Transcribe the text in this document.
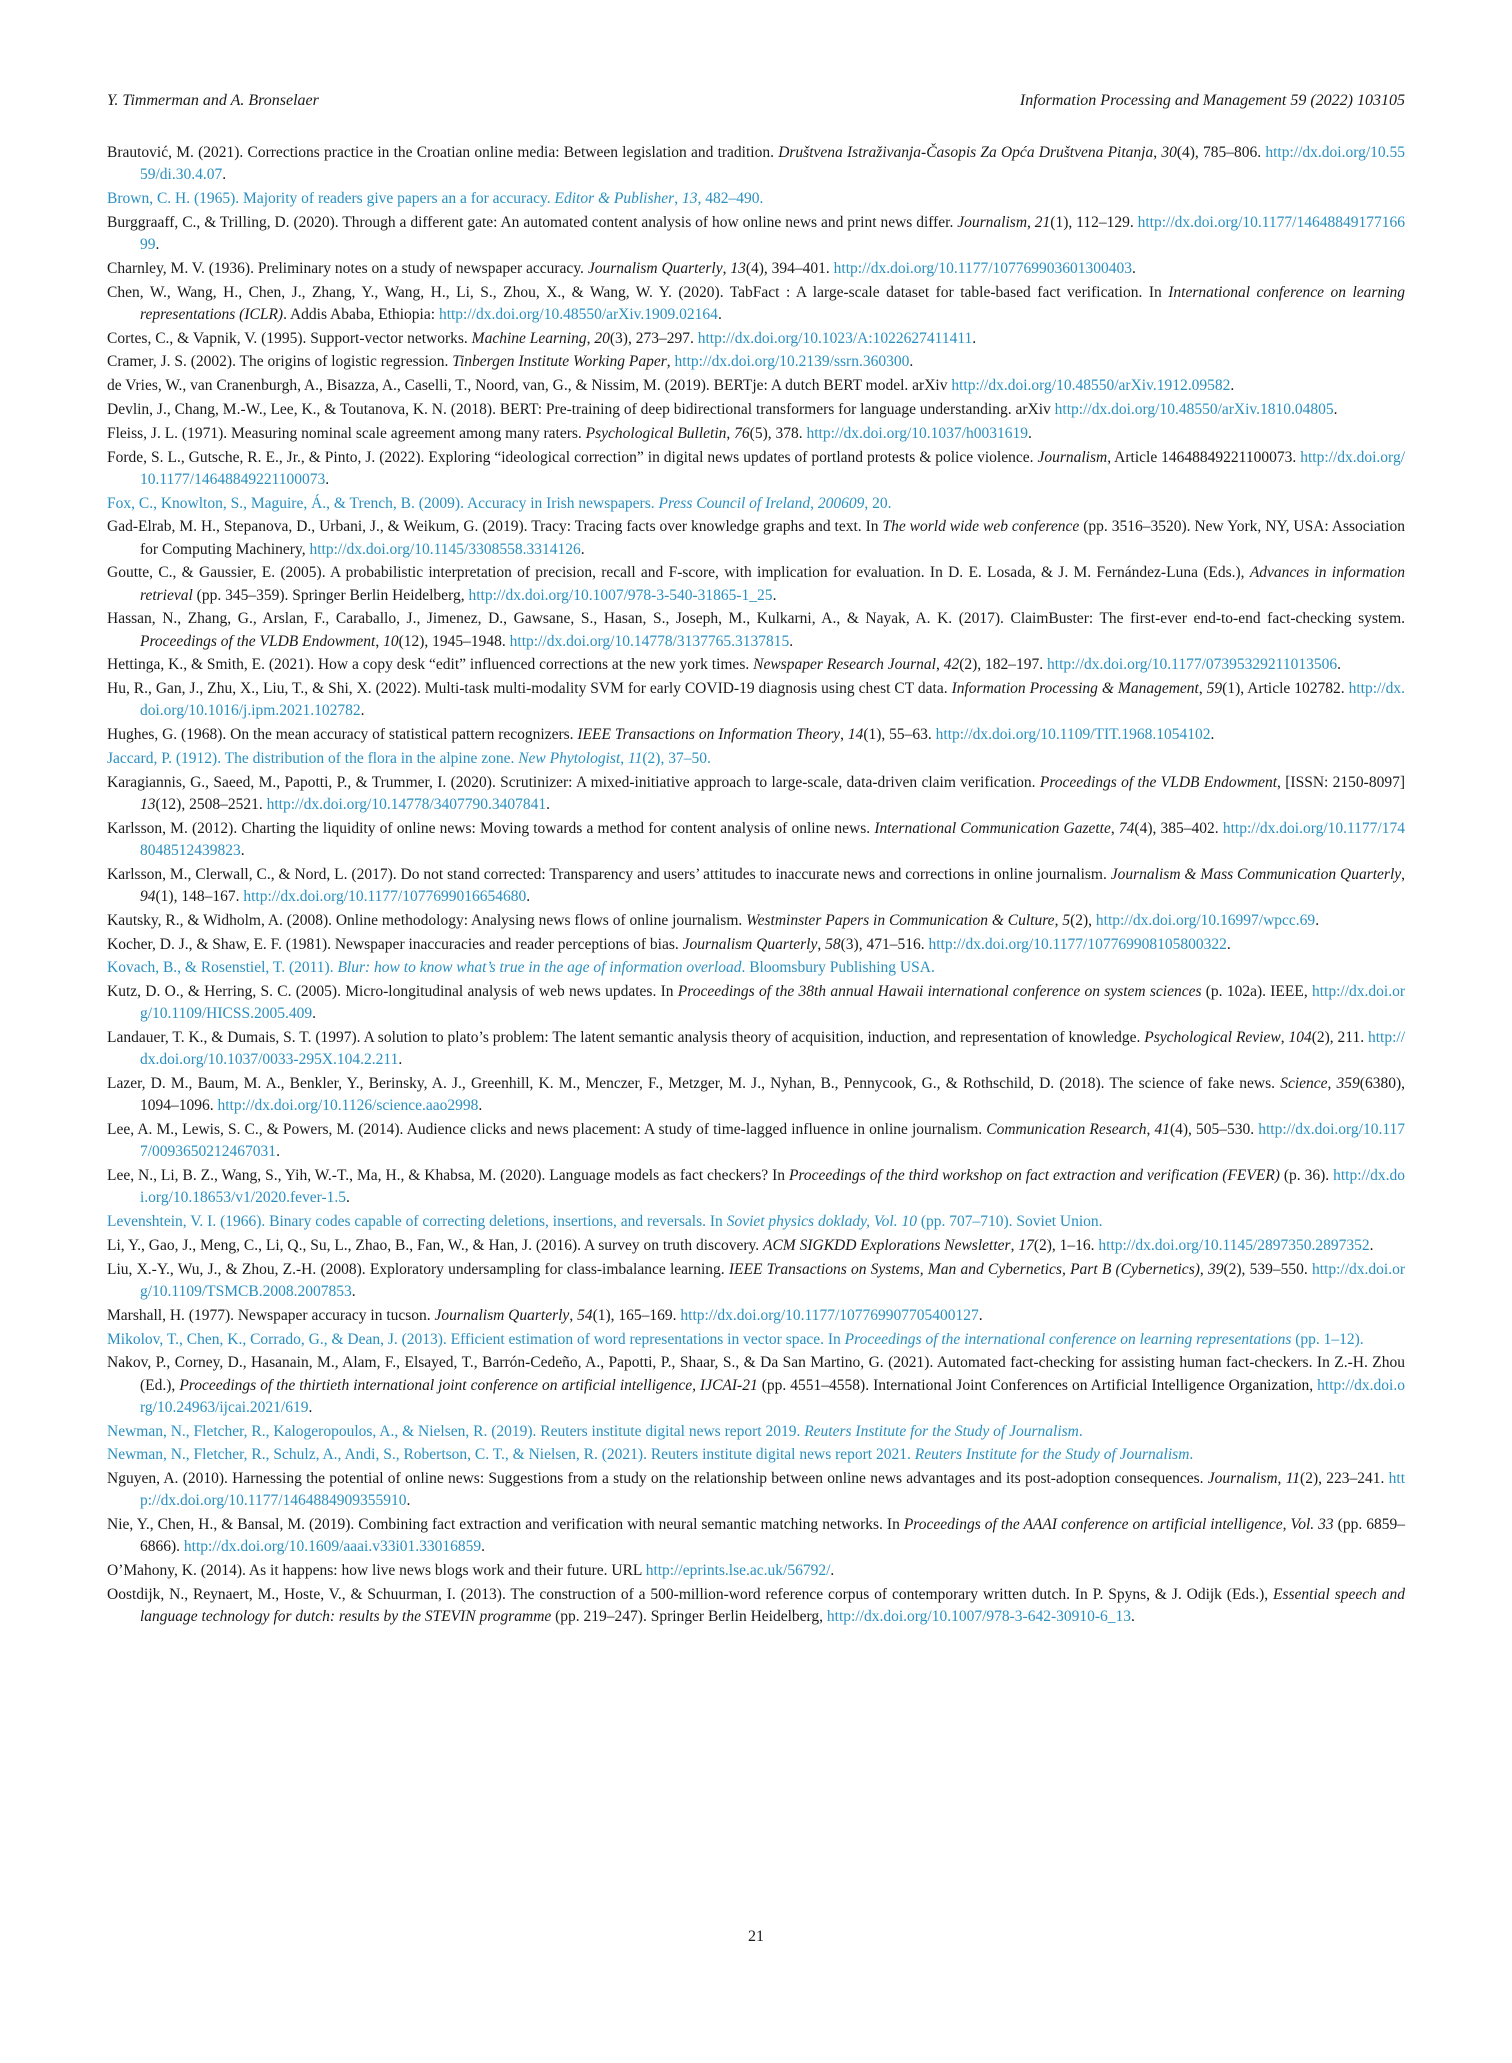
Y. Timmerman and A. Bronselaer	Information Processing and Management 59 (2022) 103105

Brautović, M. (2021). Corrections practice in the Croatian online media: Between legislation and tradition. Društvena Istraživanja-Časopis Za Opća Društvena Pitanja, 30(4), 785–806. http://dx.doi.org/10.5559/di.30.4.07.

Brown, C. H. (1965). Majority of readers give papers an a for accuracy. Editor & Publisher, 13, 482–490.

Burggraaff, C., & Trilling, D. (2020). Through a different gate: An automated content analysis of how online news and print news differ. Journalism, 21(1), 112–129. http://dx.doi.org/10.1177/1464884917716699.

Charnley, M. V. (1936). Preliminary notes on a study of newspaper accuracy. Journalism Quarterly, 13(4), 394–401. http://dx.doi.org/10.1177/107769903601300403.

Chen, W., Wang, H., Chen, J., Zhang, Y., Wang, H., Li, S., Zhou, X., & Wang, W. Y. (2020). TabFact : A large-scale dataset for table-based fact verification. In International conference on learning representations (ICLR). Addis Ababa, Ethiopia: http://dx.doi.org/10.48550/arXiv.1909.02164.

Cortes, C., & Vapnik, V. (1995). Support-vector networks. Machine Learning, 20(3), 273–297. http://dx.doi.org/10.1023/A:1022627411411.

Cramer, J. S. (2002). The origins of logistic regression. Tinbergen Institute Working Paper, http://dx.doi.org/10.2139/ssrn.360300.

de Vries, W., van Cranenburgh, A., Bisazza, A., Caselli, T., Noord, van, G., & Nissim, M. (2019). BERTje: A dutch BERT model. arXiv http://dx.doi.org/10.48550/arXiv.1912.09582.

Devlin, J., Chang, M.-W., Lee, K., & Toutanova, K. N. (2018). BERT: Pre-training of deep bidirectional transformers for language understanding. arXiv http://dx.doi.org/10.48550/arXiv.1810.04805.

Fleiss, J. L. (1971). Measuring nominal scale agreement among many raters. Psychological Bulletin, 76(5), 378. http://dx.doi.org/10.1037/h0031619.

Forde, S. L., Gutsche, R. E., Jr., & Pinto, J. (2022). Exploring “ideological correction” in digital news updates of portland protests & police violence. Journalism, Article 14648849221100073. http://dx.doi.org/10.1177/14648849221100073.

Fox, C., Knowlton, S., Maguire, Á., & Trench, B. (2009). Accuracy in Irish newspapers. Press Council of Ireland, 200609, 20.

Gad-Elrab, M. H., Stepanova, D., Urbani, J., & Weikum, G. (2019). Tracy: Tracing facts over knowledge graphs and text. In The world wide web conference (pp. 3516–3520). New York, NY, USA: Association for Computing Machinery, http://dx.doi.org/10.1145/3308558.3314126.

Goutte, C., & Gaussier, E. (2005). A probabilistic interpretation of precision, recall and F-score, with implication for evaluation. In D. E. Losada, & J. M. Fernández-Luna (Eds.), Advances in information retrieval (pp. 345–359). Springer Berlin Heidelberg, http://dx.doi.org/10.1007/978-3-540-31865-1_25.

Hassan, N., Zhang, G., Arslan, F., Caraballo, J., Jimenez, D., Gawsane, S., Hasan, S., Joseph, M., Kulkarni, A., & Nayak, A. K. (2017). ClaimBuster: The first-ever end-to-end fact-checking system. Proceedings of the VLDB Endowment, 10(12), 1945–1948. http://dx.doi.org/10.14778/3137765.3137815.

Hettinga, K., & Smith, E. (2021). How a copy desk “edit” influenced corrections at the new york times. Newspaper Research Journal, 42(2), 182–197. http://dx.doi.org/10.1177/07395329211013506.

Hu, R., Gan, J., Zhu, X., Liu, T., & Shi, X. (2022). Multi-task multi-modality SVM for early COVID-19 diagnosis using chest CT data. Information Processing & Management, 59(1), Article 102782. http://dx.doi.org/10.1016/j.ipm.2021.102782.

Hughes, G. (1968). On the mean accuracy of statistical pattern recognizers. IEEE Transactions on Information Theory, 14(1), 55–63. http://dx.doi.org/10.1109/TIT.1968.1054102.

Jaccard, P. (1912). The distribution of the flora in the alpine zone. New Phytologist, 11(2), 37–50.

Karagiannis, G., Saeed, M., Papotti, P., & Trummer, I. (2020). Scrutinizer: A mixed-initiative approach to large-scale, data-driven claim verification. Proceedings of the VLDB Endowment, [ISSN: 2150-8097] 13(12), 2508–2521. http://dx.doi.org/10.14778/3407790.3407841.

Karlsson, M. (2012). Charting the liquidity of online news: Moving towards a method for content analysis of online news. International Communication Gazette, 74(4), 385–402. http://dx.doi.org/10.1177/1748048512439823.

Karlsson, M., Clerwall, C., & Nord, L. (2017). Do not stand corrected: Transparency and users’ attitudes to inaccurate news and corrections in online journalism. Journalism & Mass Communication Quarterly, 94(1), 148–167. http://dx.doi.org/10.1177/1077699016654680.

Kautsky, R., & Widholm, A. (2008). Online methodology: Analysing news flows of online journalism. Westminster Papers in Communication & Culture, 5(2), http://dx.doi.org/10.16997/wpcc.69.

Kocher, D. J., & Shaw, E. F. (1981). Newspaper inaccuracies and reader perceptions of bias. Journalism Quarterly, 58(3), 471–516. http://dx.doi.org/10.1177/107769908105800322.

Kovach, B., & Rosenstiel, T. (2011). Blur: how to know what’s true in the age of information overload. Bloomsbury Publishing USA.

Kutz, D. O., & Herring, S. C. (2005). Micro-longitudinal analysis of web news updates. In Proceedings of the 38th annual Hawaii international conference on system sciences (p. 102a). IEEE, http://dx.doi.org/10.1109/HICSS.2005.409.

Landauer, T. K., & Dumais, S. T. (1997). A solution to plato’s problem: The latent semantic analysis theory of acquisition, induction, and representation of knowledge. Psychological Review, 104(2), 211. http://dx.doi.org/10.1037/0033-295X.104.2.211.

Lazer, D. M., Baum, M. A., Benkler, Y., Berinsky, A. J., Greenhill, K. M., Menczer, F., Metzger, M. J., Nyhan, B., Pennycook, G., & Rothschild, D. (2018). The science of fake news. Science, 359(6380), 1094–1096. http://dx.doi.org/10.1126/science.aao2998.

Lee, A. M., Lewis, S. C., & Powers, M. (2014). Audience clicks and news placement: A study of time-lagged influence in online journalism. Communication Research, 41(4), 505–530. http://dx.doi.org/10.1177/0093650212467031.

Lee, N., Li, B. Z., Wang, S., Yih, W.-T., Ma, H., & Khabsa, M. (2020). Language models as fact checkers? In Proceedings of the third workshop on fact extraction and verification (FEVER) (p. 36). http://dx.doi.org/10.18653/v1/2020.fever-1.5.

Levenshtein, V. I. (1966). Binary codes capable of correcting deletions, insertions, and reversals. In Soviet physics doklady, Vol. 10 (pp. 707–710). Soviet Union.

Li, Y., Gao, J., Meng, C., Li, Q., Su, L., Zhao, B., Fan, W., & Han, J. (2016). A survey on truth discovery. ACM SIGKDD Explorations Newsletter, 17(2), 1–16. http://dx.doi.org/10.1145/2897350.2897352.

Liu, X.-Y., Wu, J., & Zhou, Z.-H. (2008). Exploratory undersampling for class-imbalance learning. IEEE Transactions on Systems, Man and Cybernetics, Part B (Cybernetics), 39(2), 539–550. http://dx.doi.org/10.1109/TSMCB.2008.2007853.

Marshall, H. (1977). Newspaper accuracy in tucson. Journalism Quarterly, 54(1), 165–169. http://dx.doi.org/10.1177/107769907705400127.

Mikolov, T., Chen, K., Corrado, G., & Dean, J. (2013). Efficient estimation of word representations in vector space. In Proceedings of the international conference on learning representations (pp. 1–12).

Nakov, P., Corney, D., Hasanain, M., Alam, F., Elsayed, T., Barrón-Cedeño, A., Papotti, P., Shaar, S., & Da San Martino, G. (2021). Automated fact-checking for assisting human fact-checkers. In Z.-H. Zhou (Ed.), Proceedings of the thirtieth international joint conference on artificial intelligence, IJCAI-21 (pp. 4551–4558). International Joint Conferences on Artificial Intelligence Organization, http://dx.doi.org/10.24963/ijcai.2021/619.

Newman, N., Fletcher, R., Kalogeropoulos, A., & Nielsen, R. (2019). Reuters institute digital news report 2019. Reuters Institute for the Study of Journalism.

Newman, N., Fletcher, R., Schulz, A., Andi, S., Robertson, C. T., & Nielsen, R. (2021). Reuters institute digital news report 2021. Reuters Institute for the Study of Journalism.

Nguyen, A. (2010). Harnessing the potential of online news: Suggestions from a study on the relationship between online news advantages and its post-adoption consequences. Journalism, 11(2), 223–241. http://dx.doi.org/10.1177/1464884909355910.

Nie, Y., Chen, H., & Bansal, M. (2019). Combining fact extraction and verification with neural semantic matching networks. In Proceedings of the AAAI conference on artificial intelligence, Vol. 33 (pp. 6859–6866). http://dx.doi.org/10.1609/aaai.v33i01.33016859.

O’Mahony, K. (2014). As it happens: how live news blogs work and their future. URL http://eprints.lse.ac.uk/56792/.

Oostdijk, N., Reynaert, M., Hoste, V., & Schuurman, I. (2013). The construction of a 500-million-word reference corpus of contemporary written dutch. In P. Spyns, & J. Odijk (Eds.), Essential speech and language technology for dutch: results by the STEVIN programme (pp. 219–247). Springer Berlin Heidelberg, http://dx.doi.org/10.1007/978-3-642-30910-6_13.

21
